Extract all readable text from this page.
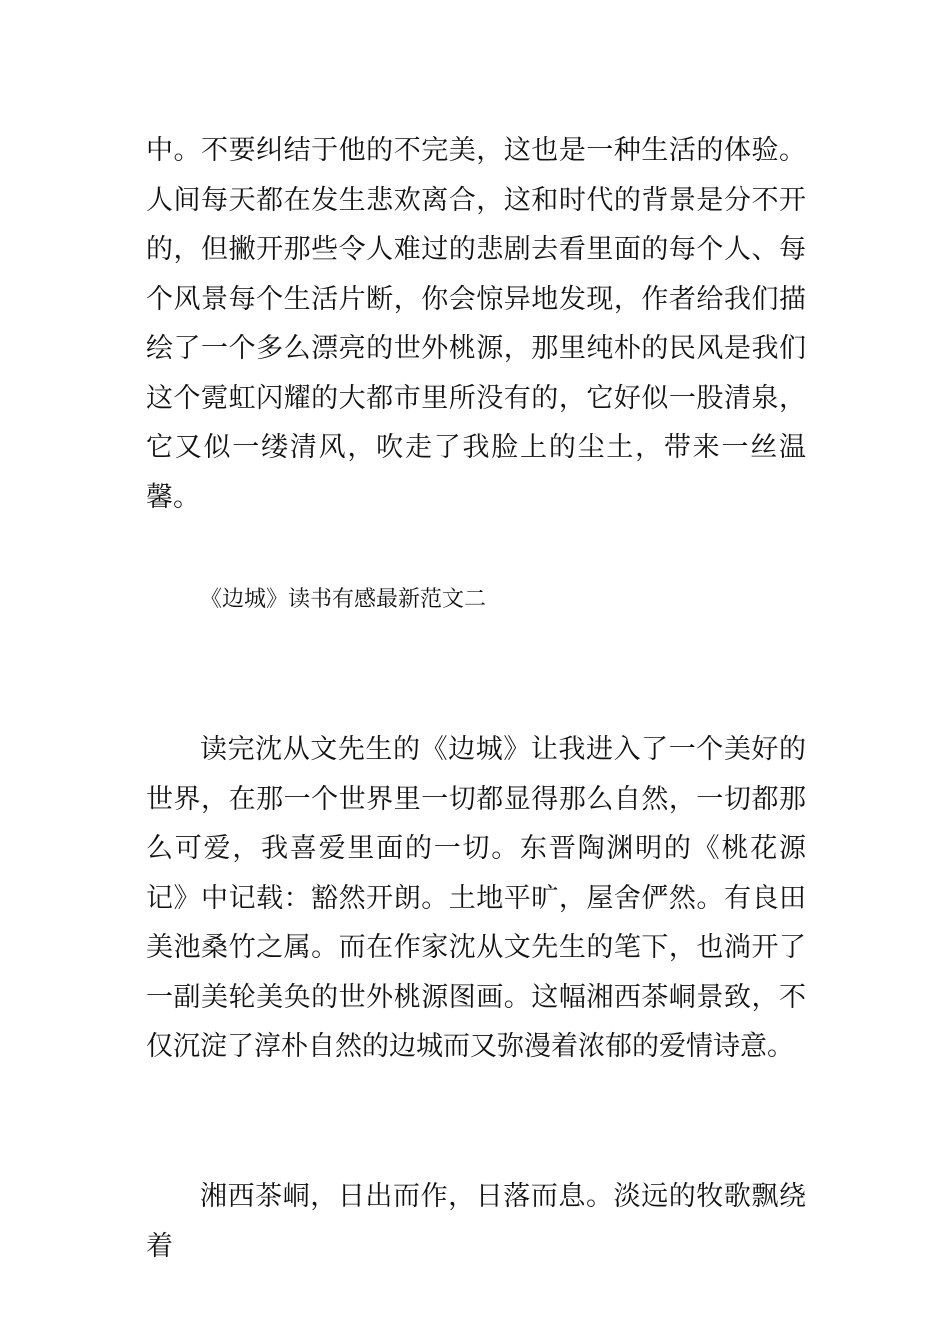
中。不要纠结于他的不完美，这也是一种生活的体验。人间每天都在发生悲欢离合，这和时代的背景是分不开的，但撇开那些令人难过的悲剧去看里面的每个人、每个风景每个生活片断，你会惊异地发现，作者给我们描绘了一个多么漂亮的世外桃源，那里纯朴的民风是我们这个霓虹闪耀的大都市里所没有的，它好似一股清泉，它又似一缕清风，吹走了我脸上的尘土，带来一丝温馨。

《边城》读书有感最新范文二

读完沈从文先生的《边城》让我进入了一个美好的世界，在那一个世界里一切都显得那么自然，一切都那么可爱，我喜爱里面的一切。东晋陶渊明的《桃花源记》中记载：豁然开朗。土地平旷，屋舍俨然。有良田美池桑竹之属。而在作家沈从文先生的笔下，也淌开了一副美轮美奂的世外桃源图画。这幅湘西茶峒景致，不仅沉淀了淳朴自然的边城而又弥漫着浓郁的爱情诗意。

湘西茶峒，日出而作，日落而息。淡远的牧歌飘绕着
